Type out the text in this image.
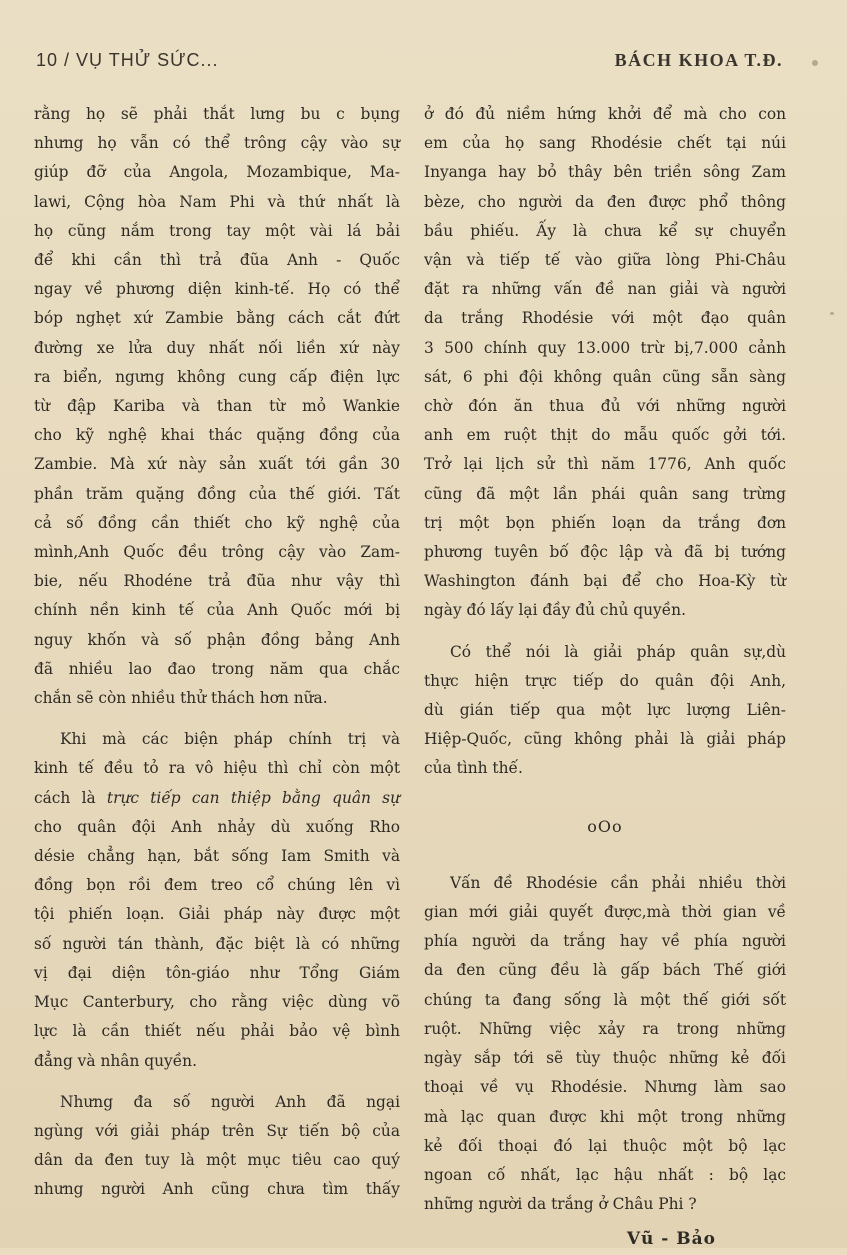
10 / VỤ THỬ SỨC...	BÁCH KHOA T.Đ.

rằng họ sẽ phải thắt lưng bu c bụng
nhưng họ vẫn có thể trông cậy vào sự
giúp đỡ của Angola, Mozambique, Ma-
lawi, Cộng hòa Nam Phi và thứ nhất là
họ cũng nắm trong tay một vài lá bải
để khi cần thì trả đũa Anh - Quốc
ngay về phương diện kinh-tế. Họ có thể
bóp nghẹt xứ Zambie bằng cách cắt đứt
đường xe lửa duy nhất nối liền xứ này
ra biển, ngưng không cung cấp điện lực
từ đập Kariba và than từ mỏ Wankie
cho kỹ nghệ khai thác quặng đồng của
Zambie. Mà xứ này sản xuất tới gần 30
phần trăm quặng đồng của thế giới. Tất
cả số đồng cần thiết cho kỹ nghệ của
mình,Anh Quốc đều trông cậy vào Zam-
bie, nếu Rhodéne trả đũa như vậy thì
chính nền kinh tế của Anh Quốc mới bị
nguy khốn và số phận đồng bảng Anh
đã nhiều lao đao trong năm qua chắc
chắn sẽ còn nhiều thử thách hơn nữa.

Khi mà các biện pháp chính trị và
kinh tế đều tỏ ra vô hiệu thì chỉ còn một
cách là trực tiếp can thiệp bằng quân sự
cho quân đội Anh nhảy dù xuống Rho
désie chẳng hạn, bắt sống Iam Smith và
đồng bọn rồi đem treo cổ chúng lên vì
tội phiến loạn. Giải pháp này được một
số người tán thành, đặc biệt là có những
vị đại diện tôn-giáo như Tổng Giám
Mục Canterbury, cho rằng việc dùng võ
lực là cần thiết nếu phải bảo vệ bình
đẳng và nhân quyền.

Nhưng đa số người Anh đã ngại
ngùng với giải pháp trên Sự tiến bộ của
dân da đen tuy là một mục tiêu cao quý
nhưng người Anh cũng chưa tìm thấy

ở đó đủ niềm hứng khởi để mà cho con
em của họ sang Rhodésie chết tại núi
Inyanga hay bỏ thây bên triền sông Zam
bèze, cho người da đen được phổ thông
bầu phiếu. Ấy là chưa kể sự chuyển
vận và tiếp tế vào giữa lòng Phi-Châu
đặt ra những vấn đề nan giải và người
da trắng Rhodésie với một đạo quân
3 500 chính quy 13.000 trừ bị,7.000 cảnh
sát, 6 phi đội không quân cũng sẵn sàng
chờ đón ăn thua đủ với những người
anh em ruột thịt do mẫu quốc gởi tới.
Trở lại lịch sử thì năm 1776, Anh quốc
cũng đã một lần phái quân sang trừng
trị một bọn phiến loạn da trắng đơn
phương tuyên bố độc lập và đã bị tướng
Washington đánh bại để cho Hoa-Kỳ từ
ngày đó lấy lại đầy đủ chủ quyền.

Có thể nói là giải pháp quân sự,dù
thực hiện trực tiếp do quân đội Anh,
dù gián tiếp qua một lực lượng Liên-
Hiệp-Quốc, cũng không phải là giải pháp
của tình thế.

oOo

Vấn đề Rhodésie cần phải nhiều thời
gian mới giải quyết được,mà thời gian về
phía người da trắng hay về phía người
da đen cũng đều là gấp bách Thế giới
chúng ta đang sống là một thế giới sốt
ruột. Những việc xảy ra trong những
ngày sắp tới sẽ tùy thuộc những kẻ đối
thoại về vụ Rhodésie. Nhưng làm sao
mà lạc quan được khi một trong những
kẻ đối thoại đó lại thuộc một bộ lạc
ngoan cố nhất, lạc hậu nhất : bộ lạc
những người da trắng ở Châu Phi ?

Vũ - Bảo
